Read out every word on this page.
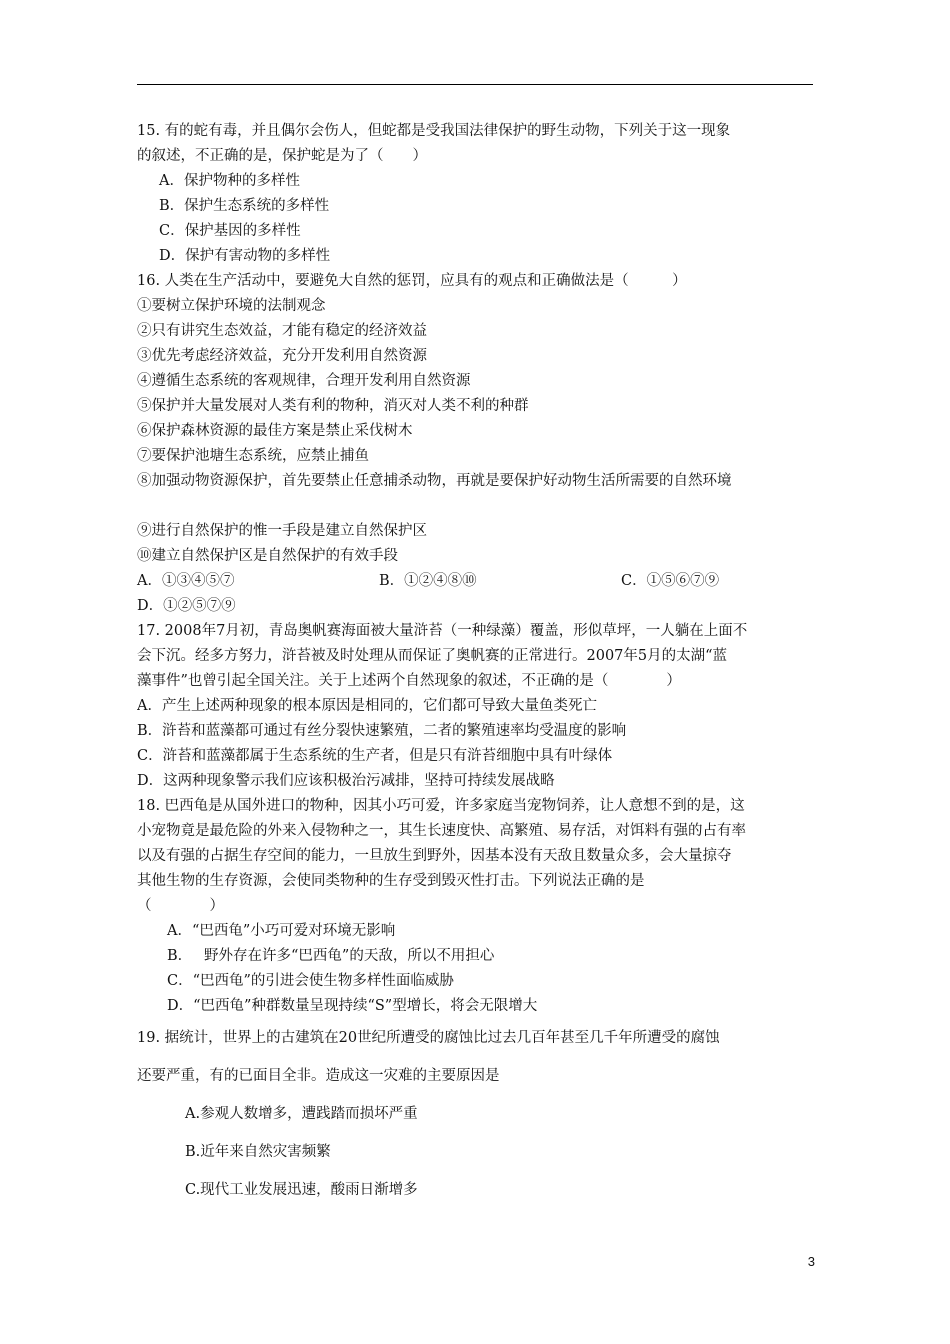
15. 有的蛇有毒，并且偶尔会伤人，但蛇都是受我国法律保护的野生动物，下列关于这一现象
的叙述，不正确的是，保护蛇是为了（　　）
A．保护物种的多样性
B．保护生态系统的多样性
C．保护基因的多样性
D．保护有害动物的多样性
16. 人类在生产活动中，要避免大自然的惩罚，应具有的观点和正确做法是（　　　）
①要树立保护环境的法制观念
②只有讲究生态效益，才能有稳定的经济效益
③优先考虑经济效益，充分开发利用自然资源
④遵循生态系统的客观规律，合理开发利用自然资源
⑤保护并大量发展对人类有利的物种，消灭对人类不利的种群
⑥保护森林资源的最佳方案是禁止采伐树木
⑦要保护池塘生态系统，应禁止捕鱼
⑧加强动物资源保护，首先要禁止任意捕杀动物，再就是要保护好动物生活所需要的自然环境
⑨进行自然保护的惟一手段是建立自然保护区
⑩建立自然保护区是自然保护的有效手段
A．①③④⑤⑦	B．①②④⑧⑩	C．①⑤⑥⑦⑨
D．①②⑤⑦⑨
17. 2008年7月初，青岛奥帆赛海面被大量浒苔（一种绿藻）覆盖，形似草坪，一人躺在上面不
会下沉。经多方努力，浒苔被及时处理从而保证了奥帆赛的正常进行。2007年5月的太湖“蓝
藻事件”也曾引起全国关注。关于上述两个自然现象的叙述，不正确的是（　　　　）
A．产生上述两种现象的根本原因是相同的，它们都可导致大量鱼类死亡
B．浒苔和蓝藻都可通过有丝分裂快速繁殖，二者的繁殖速率均受温度的影响
C．浒苔和蓝藻都属于生态系统的生产者，但是只有浒苔细胞中具有叶绿体
D．这两种现象警示我们应该积极治污减排，坚持可持续发展战略
18. 巴西龟是从国外进口的物种，因其小巧可爱，许多家庭当宠物饲养，让人意想不到的是，这
小宠物竟是最危险的外来入侵物种之一，其生长速度快、高繁殖、易存活，对饵料有强的占有率
以及有强的占据生存空间的能力，一旦放生到野外，因基本没有天敌且数量众多，会大量掠夺
其他生物的生存资源，会使同类物种的生存受到毁灭性打击。下列说法正确的是
（　　　　）
A．“巴西龟”小巧可爱对环境无影响
B．　 野外存在许多“巴西龟”的天敌，所以不用担心
C．“巴西龟”的引进会使生物多样性面临威胁
D．“巴西龟”种群数量呈现持续“S”型增长，将会无限增大
19. 据统计，世界上的古建筑在20世纪所遭受的腐蚀比过去几百年甚至几千年所遭受的腐蚀
还要严重，有的已面目全非。造成这一灾难的主要原因是
A.参观人数增多，遭践踏而损坏严重
B.近年来自然灾害频繁
C.现代工业发展迅速，酸雨日渐增多
3
